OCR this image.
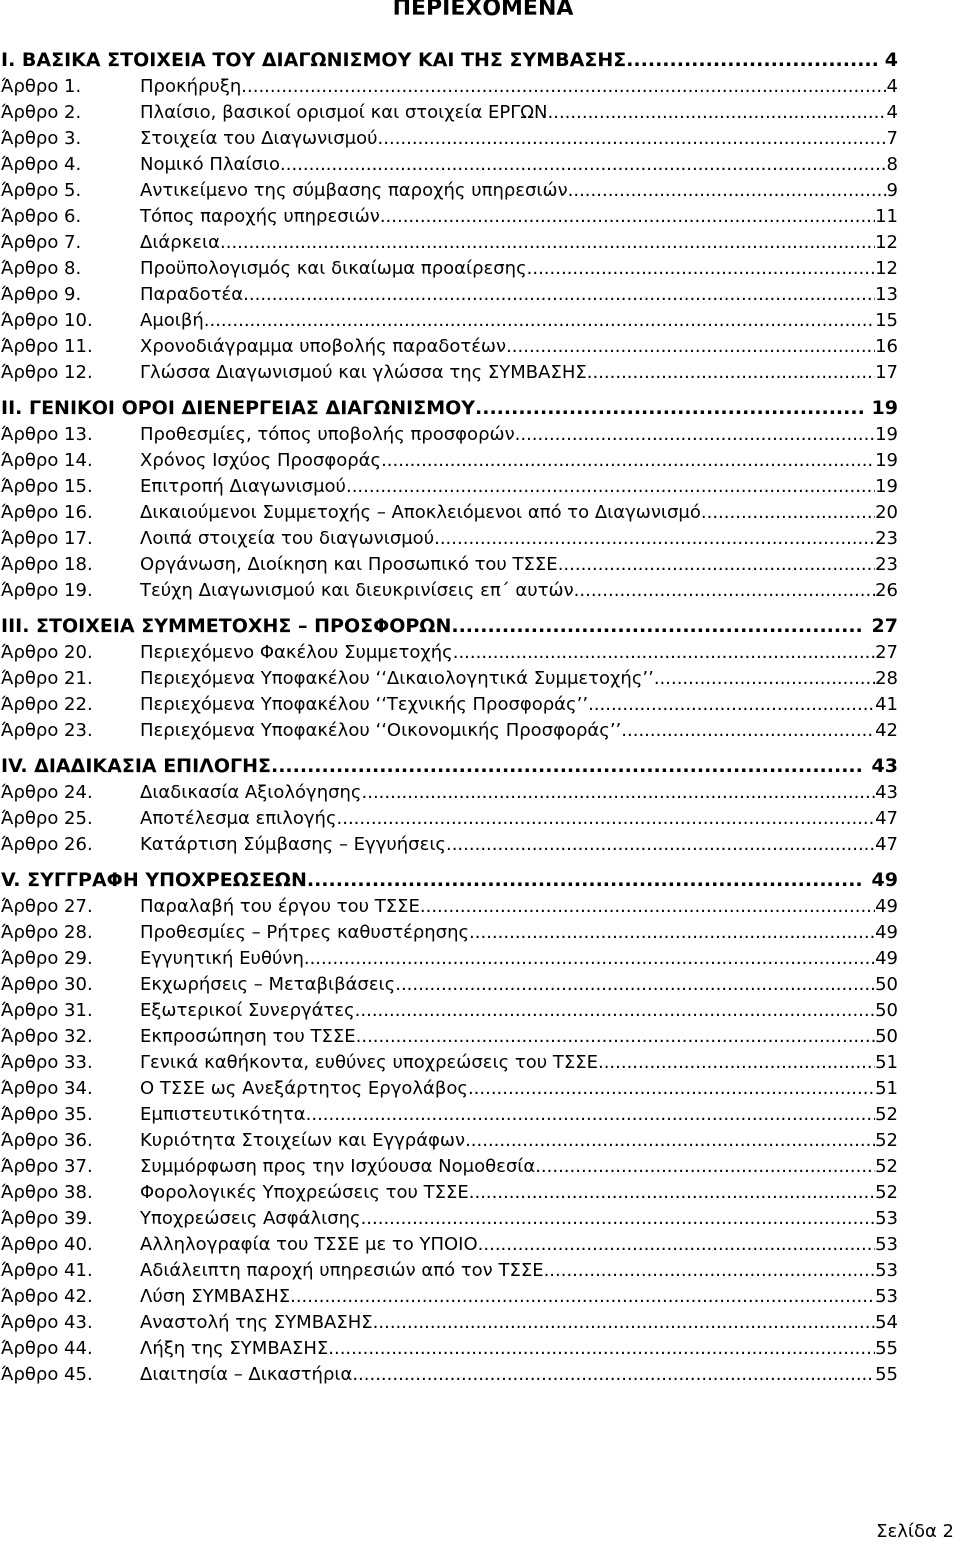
ΠΕΡΙΕΧΟΜΕΝΑ
I. ΒΑΣΙΚΑ ΣΤΟΙΧΕΙΑ ΤΟΥ ΔΙΑΓΩΝΙΣΜΟΥ ΚΑΙ ΤΗΣ ΣΥΜΒΑΣΗΣ .....	4
Άρθρο 1.	Προκήρυξη .....	4
Άρθρο 2.	Πλαίσιο, βασικοί ορισμοί και στοιχεία ΕΡΓΩΝ .....	4
Άρθρο 3.	Στοιχεία του Διαγωνισμού .....	7
Άρθρο 4.	Νομικό Πλαίσιο .....	8
Άρθρο 5.	Αντικείμενο της σύμβασης παροχής υπηρεσιών .....	9
Άρθρο 6.	Τόπος παροχής υπηρεσιών .....	11
Άρθρο 7.	Διάρκεια .....	12
Άρθρο 8.	Προϋπολογισμός και δικαίωμα προαίρεσης .....	12
Άρθρο 9.	Παραδοτέα .....	13
Άρθρο 10.	Αμοιβή .....	15
Άρθρο 11.	Χρονοδιάγραμμα υποβολής παραδοτέων .....	16
Άρθρο 12.	Γλώσσα Διαγωνισμού και γλώσσα της ΣΥΜΒΑΣΗΣ .....	17
II. ΓΕΝΙΚΟΙ ΟΡΟΙ ΔΙΕΝΕΡΓΕΙΑΣ ΔΙΑΓΩΝΙΣΜΟΥ .....	19
Άρθρο 13.	Προθεσμίες, τόπος υποβολής προσφορών .....	19
Άρθρο 14.	Χρόνος Ισχύος Προσφοράς .....	19
Άρθρο 15.	Επιτροπή Διαγωνισμού .....	19
Άρθρο 16.	Δικαιούμενοι Συμμετοχής – Αποκλειόμενοι από το Διαγωνισμό .....	20
Άρθρο 17.	Λοιπά στοιχεία του διαγωνισμού .....	23
Άρθρο 18.	Οργάνωση, Διοίκηση και Προσωπικό του ΤΣΣΕ .....	23
Άρθρο 19.	Τεύχη Διαγωνισμού και διευκρινίσεις επ΄ αυτών .....	26
III. ΣΤΟΙΧΕΙΑ ΣΥΜΜΕΤΟΧΗΣ – ΠΡΟΣΦΟΡΩΝ .....	27
Άρθρο 20.	Περιεχόμενο Φακέλου Συμμετοχής .....	27
Άρθρο 21.	Περιεχόμενα Υποφακέλου ‘‘Δικαιολογητικά Συμμετοχής’’ .....	28
Άρθρο 22.	Περιεχόμενα Υποφακέλου ‘‘Τεχνικής Προσφοράς’’ .....	41
Άρθρο 23.	Περιεχόμενα Υποφακέλου ‘‘Οικονομικής Προσφοράς’’ .....	42
IV. ΔΙΑΔΙΚΑΣΙΑ ΕΠΙΛΟΓΗΣ .....	43
Άρθρο 24.	Διαδικασία Αξιολόγησης .....	43
Άρθρο 25.	Αποτέλεσμα επιλογής .....	47
Άρθρο 26.	Κατάρτιση Σύμβασης – Εγγυήσεις .....	47
V. ΣΥΓΓΡΑΦΗ ΥΠΟΧΡΕΩΣΕΩΝ .....	49
Άρθρο 27.	Παραλαβή του έργου του ΤΣΣΕ .....	49
Άρθρο 28.	Προθεσμίες – Ρήτρες καθυστέρησης .....	49
Άρθρο 29.	Εγγυητική Ευθύνη .....	49
Άρθρο 30.	Εκχωρήσεις – Μεταβιβάσεις .....	50
Άρθρο 31.	Εξωτερικοί Συνεργάτες .....	50
Άρθρο 32.	Εκπροσώπηση του ΤΣΣΕ .....	50
Άρθρο 33.	Γενικά καθήκοντα, ευθύνες υποχρεώσεις του ΤΣΣΕ .....	51
Άρθρο 34.	Ο ΤΣΣΕ ως Ανεξάρτητος Εργολάβος .....	51
Άρθρο 35.	Εμπιστευτικότητα .....	52
Άρθρο 36.	Κυριότητα Στοιχείων και Εγγράφων .....	52
Άρθρο 37.	Συμμόρφωση προς την Ισχύουσα Νομοθεσία .....	52
Άρθρο 38.	Φορολογικές Υποχρεώσεις του ΤΣΣΕ .....	52
Άρθρο 39.	Υποχρεώσεις Ασφάλισης .....	53
Άρθρο 40.	Αλληλογραφία του ΤΣΣΕ με το ΥΠΟΙΟ .....	53
Άρθρο 41.	Αδιάλειπτη παροχή υπηρεσιών από τον ΤΣΣΕ .....	53
Άρθρο 42.	Λύση ΣΥΜΒΑΣΗΣ .....	53
Άρθρο 43.	Αναστολή της ΣΥΜΒΑΣΗΣ .....	54
Άρθρο 44.	Λήξη της ΣΥΜΒΑΣΗΣ .....	55
Άρθρο 45.	Διαιτησία – Δικαστήρια .....	55
Σελίδα 2
